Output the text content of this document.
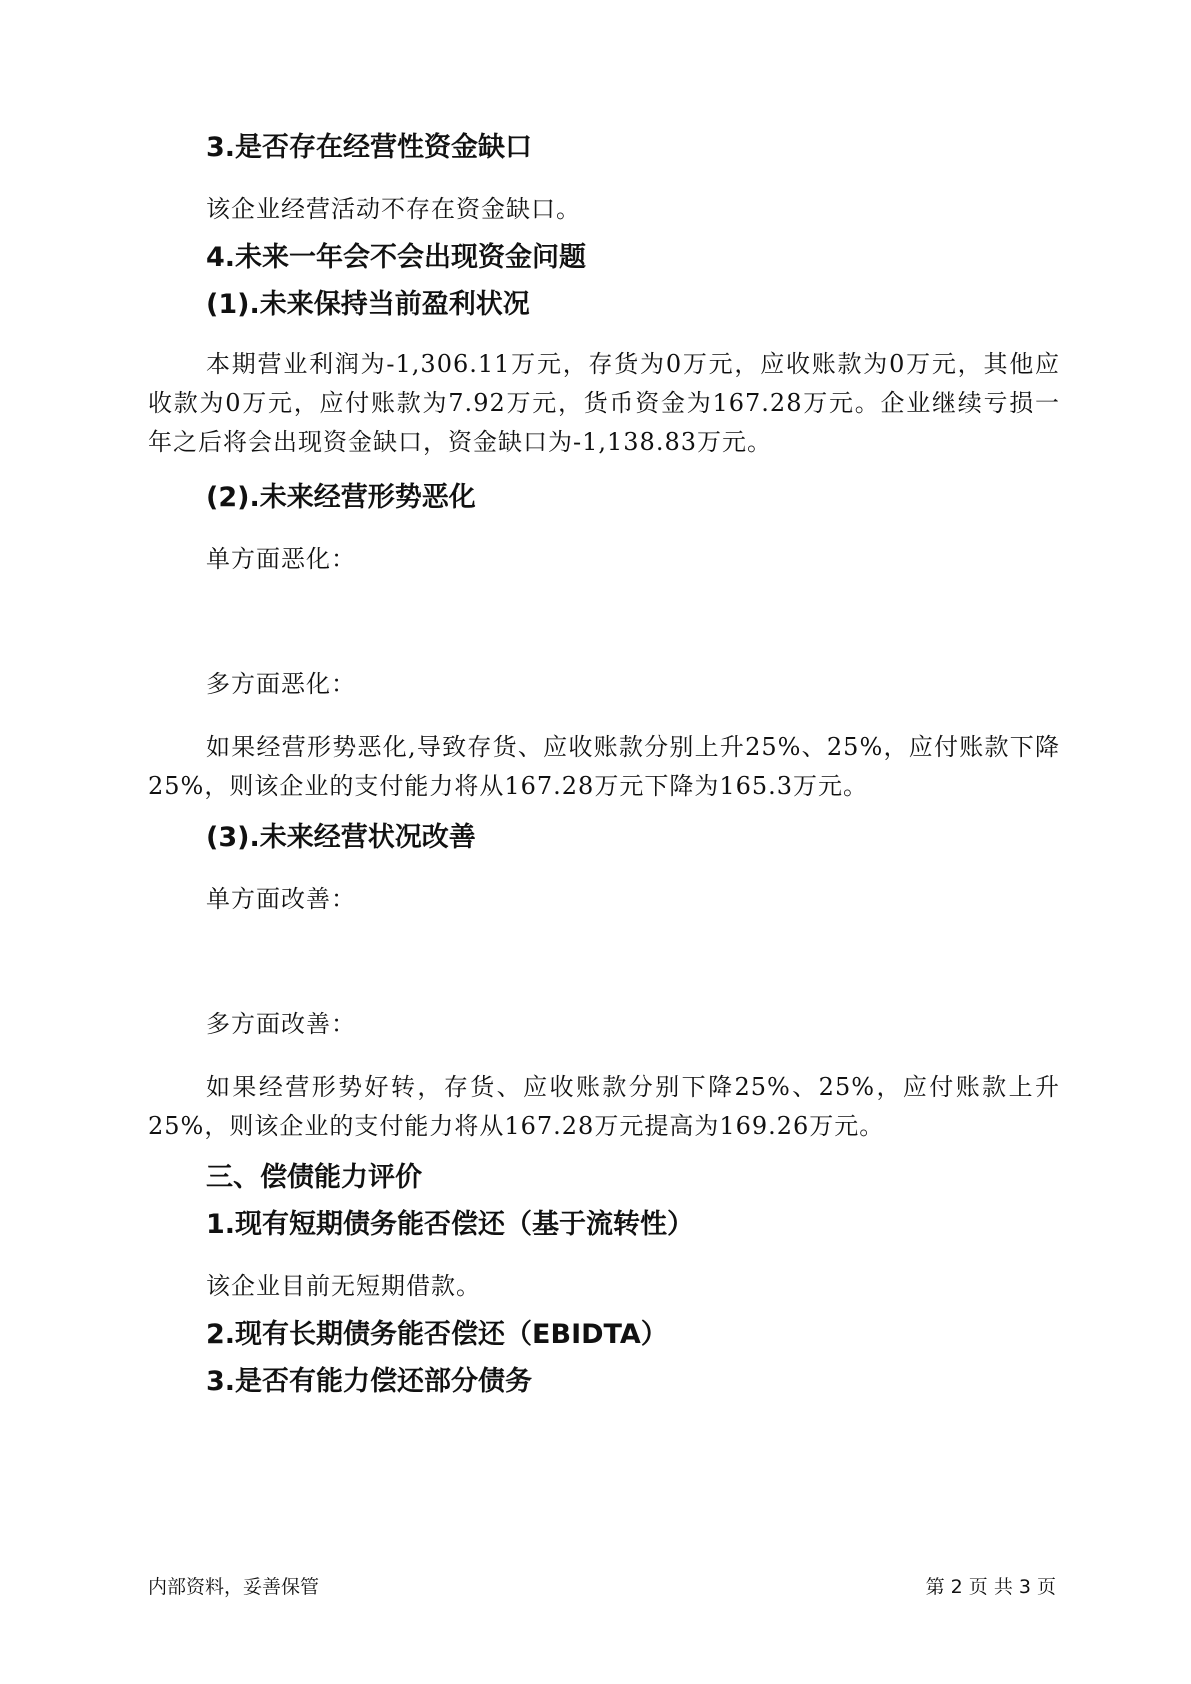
3.是否存在经营性资金缺口
该企业经营活动不存在资金缺口。
4.未来一年会不会出现资金问题
(1).未来保持当前盈利状况
本期营业利润为-1,306.11万元，存货为0万元，应收账款为0万元，其他应收款为0万元，应付账款为7.92万元，货币资金为167.28万元。企业继续亏损一年之后将会出现资金缺口，资金缺口为-1,138.83万元。
(2).未来经营形势恶化
单方面恶化：
多方面恶化：
如果经营形势恶化,导致存货、应收账款分别上升25%、25%，应付账款下降25%，则该企业的支付能力将从167.28万元下降为165.3万元。
(3).未来经营状况改善
单方面改善：
多方面改善：
如果经营形势好转，存货、应收账款分别下降25%、25%，应付账款上升25%，则该企业的支付能力将从167.28万元提高为169.26万元。
三、偿债能力评价
1.现有短期债务能否偿还（基于流转性）
该企业目前无短期借款。
2.现有长期债务能否偿还（EBIDTA）
3.是否有能力偿还部分债务
内部资料，妥善保管	第 2 页 共 3 页
